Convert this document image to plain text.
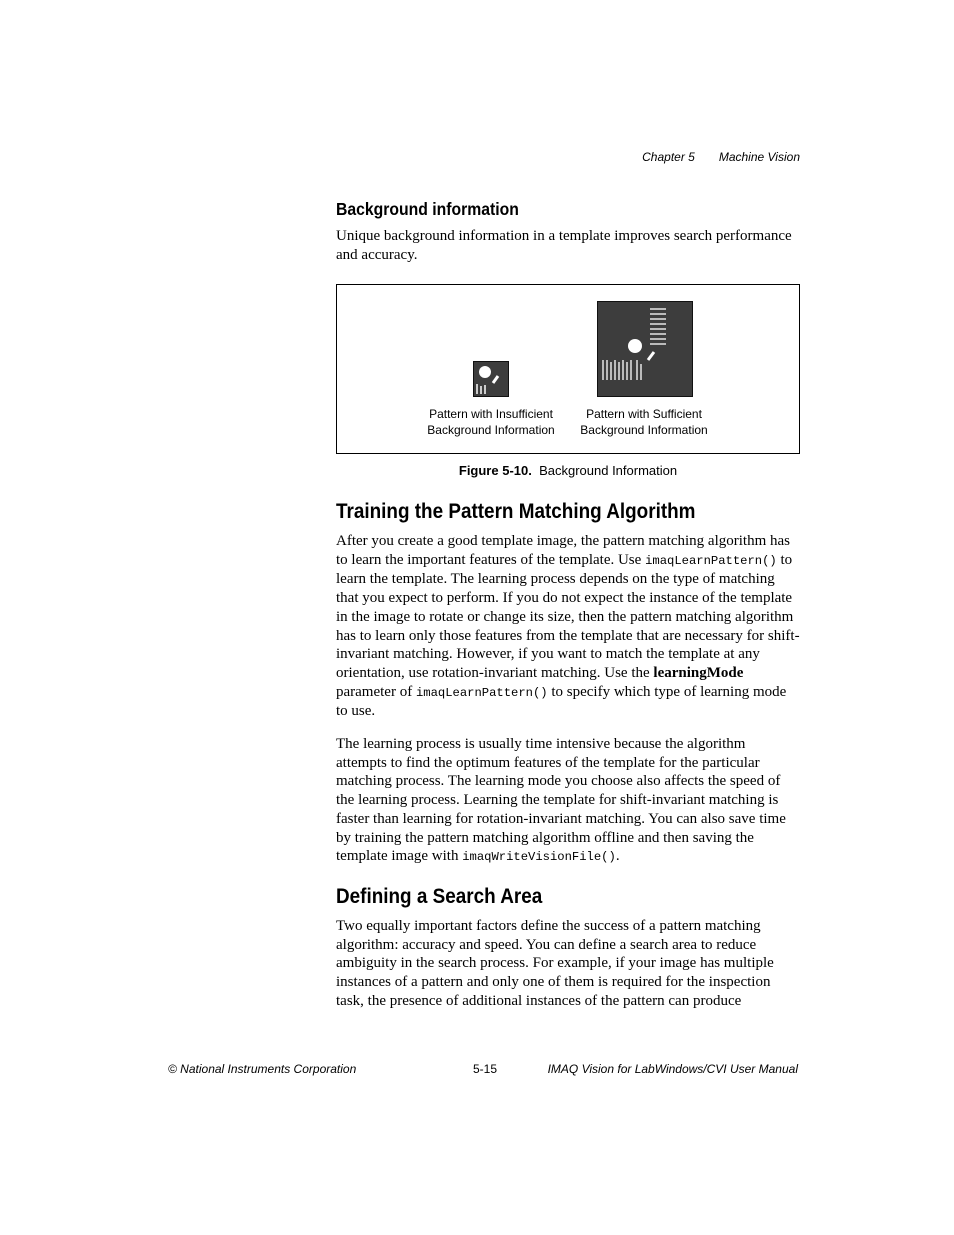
Chapter 5 Machine Vision
Background information

Unique background information in a template improves search performance and accuracy.

Pattern with Insufficient
Background Information
Pattern with Sufficient
Background Information
Figure 5-10. Background Information
Training the Pattern Matching Algorithm

After you create a good template image, the pattern matching algorithm has to learn the important features of the template. Use imaqLearnPattern() to learn the template. The learning process depends on the type of matching that you expect to perform. If you do not expect the instance of the template in the image to rotate or change its size, then the pattern matching algorithm has to learn only those features from the template that are necessary for shift-invariant matching. However, if you want to match the template at any orientation, use rotation-invariant matching. Use the learningMode parameter of imaqLearnPattern() to specify which type of learning mode to use.

The learning process is usually time intensive because the algorithm attempts to find the optimum features of the template for the particular matching process. The learning mode you choose also affects the speed of the learning process. Learning the template for shift-invariant matching is faster than learning for rotation-invariant matching. You can also save time by training the pattern matching algorithm offline and then saving the template image with imaqWriteVisionFile().

Defining a Search Area

Two equally important factors define the success of a pattern matching algorithm: accuracy and speed. You can define a search area to reduce ambiguity in the search process. For example, if your image has multiple instances of a pattern and only one of them is required for the inspection task, the presence of additional instances of the pattern can produce

© National Instruments Corporation	5-15	IMAQ Vision for LabWindows/CVI User Manual
